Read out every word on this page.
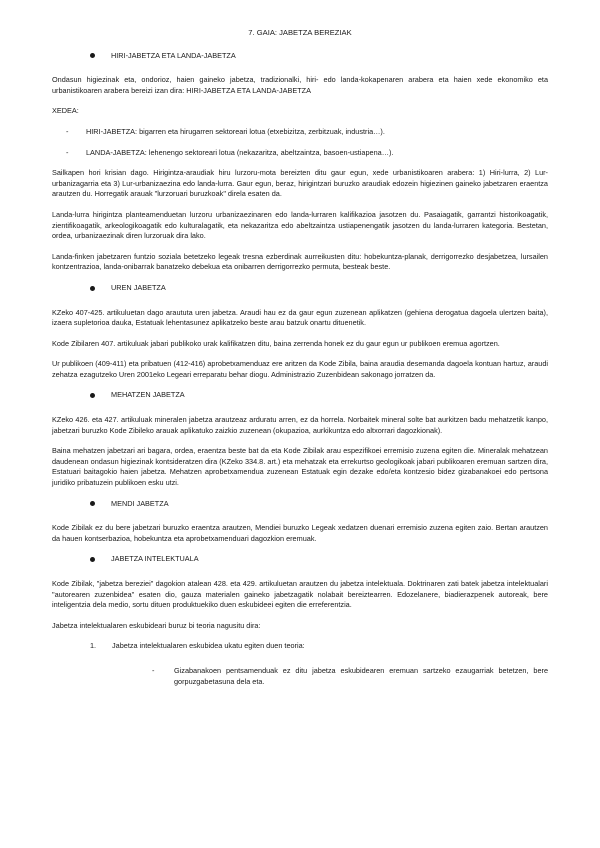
7. GAIA: JABETZA BEREZIAK
HIRI-JABETZA ETA LANDA-JABETZA

Ondasun higiezinak eta, ondorioz, haien gaineko jabetza, tradizionalki, hiri- edo landa-kokapenaren arabera eta haien xede ekonomiko eta urbanistikoaren arabera bereizi izan dira: HIRI-JABETZA ETA LANDA-JABETZA

XEDEA:

-	HIRI-JABETZA: bigarren eta hirugarren sektoreari lotua (etxebizitza, zerbitzuak, industria…).
-	LANDA-JABETZA: lehenengo sektoreari lotua (nekazaritza, abeltzaintza, basoen-ustiapena…).

Sailkapen hori krisian dago. Hirigintza-araudiak hiru lurzoru-mota bereizten ditu gaur egun, xede urbanistikoaren arabera: 1) Hiri-lurra, 2) Lur-urbanizagarria eta 3) Lur-urbanizaezina edo landa-lurra. Gaur egun, beraz, hirigintzari buruzko araudiak edozein higiezinen gaineko jabetzaren eraentza arautzen du. Horregatik arauak "lurzoruari buruzkoak" direla esaten da.

Landa-lurra hirigintza planteamenduetan lurzoru urbanizaezinaren edo landa-lurraren kalifikazioa jasotzen du. Pasaiagatik, garrantzi historikoagatik, zientifikoagatik, arkeologikoagatik edo kulturalagatik, eta nekazaritza edo abeltzaintza ustiapenengatik jasotzen du landa-lurraren kategoria. Bestetan, ordea, urbanizaezinak diren lurzoruak dira lako.

Landa-finken jabetzaren funtzio soziala betetzeko legeak tresna ezberdinak aurreikusten ditu: hobekuntza-planak, derrigorrezko desjabetzea, lursailen kontzentrazioa, landa-onibarrak banatzeko debekua eta onibarren derrigorrezko permuta, besteak beste.

UREN JABETZA

KZeko 407-425. artikuluetan dago araututa uren jabetza. Araudi hau ez da gaur egun zuzenean aplikatzen (gehiena derogatua dagoela ulertzen baita), izaera supletorioa dauka, Estatuak lehentasunez aplikatzeko beste arau batzuk onartu dituenetik.

Kode Zibilaren 407. artikuluak jabari publikoko urak kalifikatzen ditu, baina zerrenda honek ez du gaur egun ur publikoen eremua agortzen.

Ur publikoen (409-411) eta pribatuen (412-416) aprobetxamenduaz ere aritzen da Kode Zibila, baina araudia desemanda dagoela kontuan hartuz, araudi zehatza ezagutzeko Uren 2001eko Legeari erreparatu behar diogu. Administrazio Zuzenbidean sakonago jorratzen da.

MEHATZEN JABETZA

KZeko 426. eta 427. artikuluak mineralen jabetza arautzeaz arduratu arren, ez da horrela. Norbaitek mineral solte bat aurkitzen badu mehatzetik kanpo, jabetzari buruzko Kode Zibileko arauak aplikatuko zaizkio zuzenean (okupazioa, aurkikuntza edo altxorrari dagozkionak).

Baina mehatzen jabetzari ari bagara, ordea, eraentza beste bat da eta Kode Zibilak arau espezifikoei erremisio zuzena egiten die. Mineralak mehatzean daudenean ondasun higiezinak kontsideratzen dira (KZeko 334.8. art.) eta mehatzak eta errekurtso geologikoak jabari publikoaren eremuan sartzen dira, Estatuari baitagokio haien jabetza. Mehatzen aprobetxamendua zuzenean Estatuak egin dezake edo/eta kontzesio bidez gizabanakoei edo pertsona juridiko pribatuzein publikoen esku utzi.

MENDI JABETZA

Kode Zibilak ez du bere jabetzari buruzko eraentza arautzen, Mendiei buruzko Legeak xedatzen duenari erremisio zuzena egiten zaio. Bertan arautzen da hauen kontserbazioa, hobekuntza eta aprobetxamenduari dagozkion eremuak.

JABETZA INTELEKTUALA

Kode Zibilak, "jabetza bereziei" dagokion atalean 428. eta 429. artikuluetan arautzen du jabetza intelektuala. Doktrinaren zati batek jabetza intelektualari "autorearen zuzenbidea" esaten dio, gauza materialen gaineko jabetzagatik nolabait bereiztearren. Edozelanere, biadierazpenek autoreak, bere inteligentzia dela medio, sortu dituen produktuekiko duen eskubideei egiten die erreferentzia.

Jabetza intelektualaren eskubideari buruz bi teoria nagusitu dira:

1.	Jabetza intelektualaren eskubidea ukatu egiten duen teoria:
-	Gizabanakoen pentsamenduak ez ditu jabetza eskubidearen eremuan sartzeko ezaugarriak betetzen, bere gorpuzgabetasuna dela eta.
